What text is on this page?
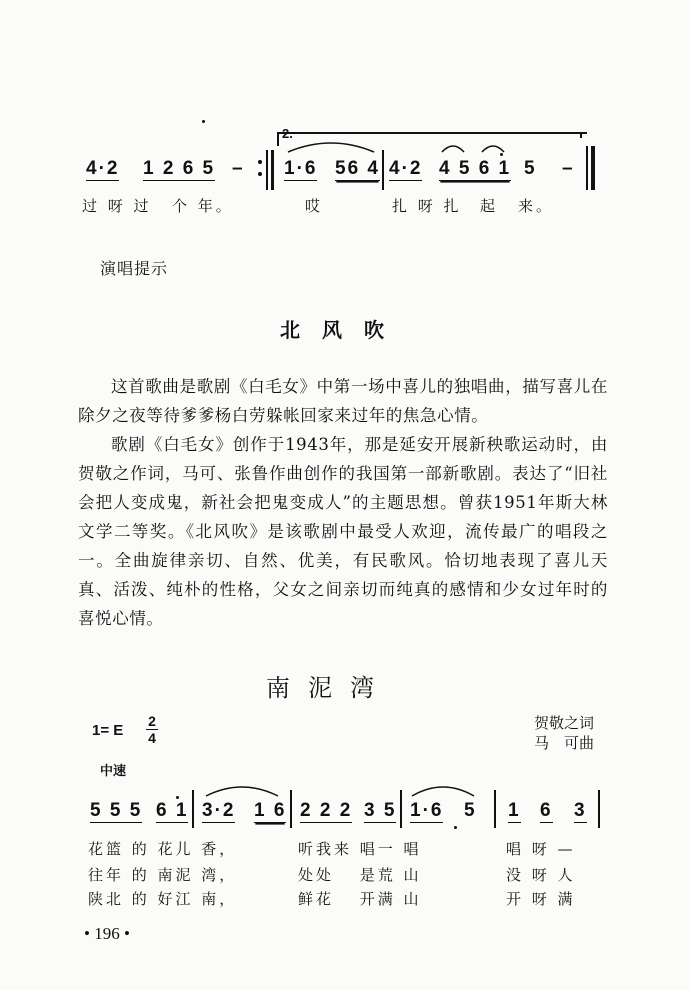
2.
4·2 1 2 6 5 – 1·6 56 4 4·2 4 5 6 1 5 –
过 呀 过 个 年。	哎	扎 呀 扎 起 来。
演唱提示
北风吹

这首歌曲是歌剧《白毛女》中第一场中喜儿的独唱曲，描写喜儿在除夕之夜等待爹爹杨白劳躲帐回家来过年的焦急心情。

歌剧《白毛女》创作于1943年，那是延安开展新秧歌运动时，由贺敬之作词，马可、张鲁作曲创作的我国第一部新歌剧。表达了“旧社会把人变成鬼，新社会把鬼变成人”的主题思想。曾获1951年斯大林文学二等奖。《北风吹》是该歌剧中最受人欢迎，流传最广的唱段之一。全曲旋律亲切、自然、优美，有民歌风。恰切地表现了喜儿天真、活泼、纯朴的性格，父女之间亲切而纯真的感情和少女过年时的喜悦心情。

南泥湾
1= E
2
4
中速
贺敬之词
马　可曲
5 5 5 6 1 3·2 1 6 2 2 2 3 5 1·6 5 1 6 3
花篮 的 花儿 香，	听我来 唱一 唱	唱 呀 —
往年 的 南泥 湾，	处处　 是荒 山	没 呀 人
陕北 的 好江 南，	鲜花　 开满 山	开 呀 满
• 196 •
